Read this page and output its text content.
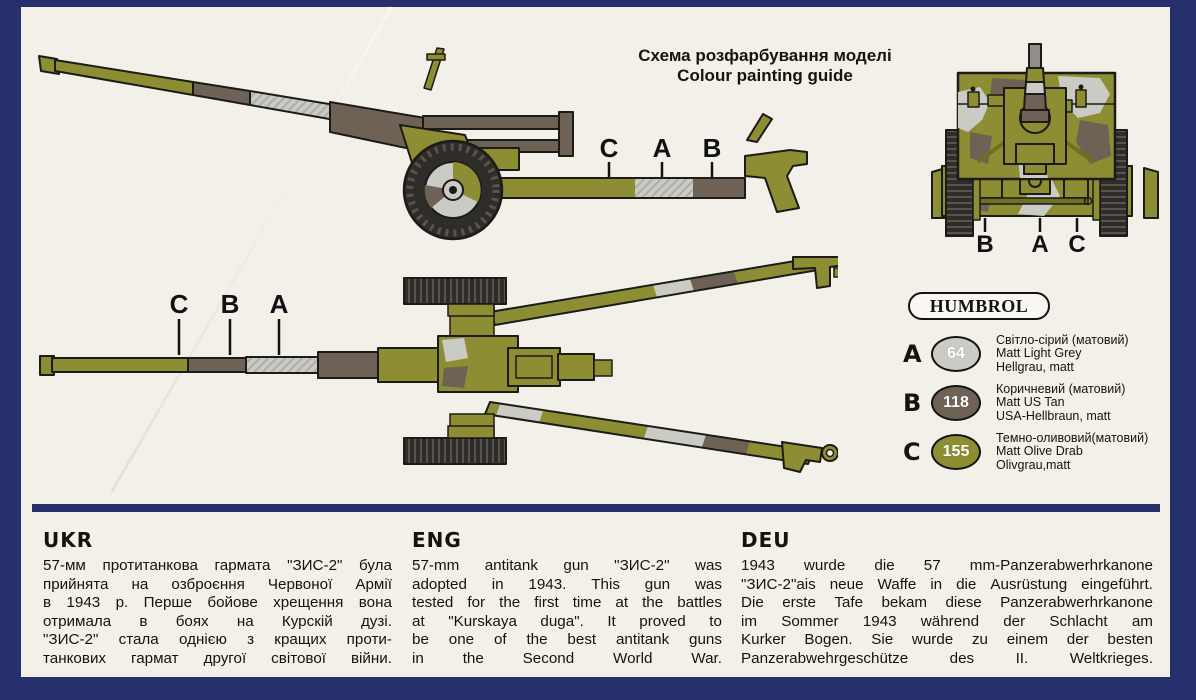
C A B
Схема розфарбування моделі
Colour painting guide
B A C
C B A	HUMBROL
A	64
Світло-сірий (матовий)
Matt Light Grey
Hellgrau, matt
B	118
Коричневий (матовий)
Matt US Tan
USA-Hellbraun, matt
C	155
Темно-оливовий(матовий)
Matt Olive Drab
Olivgrau,matt
UKR
57-мм протитанкова гармата "ЗИС-2" була
прийнята на озброєння Червоної Армії
в 1943 р. Перше бойове хрещення вона
отримала в боях на Курскій дузі.
"ЗИС-2" стала однією з кращих проти-
танкових гармат другої світової війни.
ENG
57-mm antitank gun "ЗИС-2" was
adopted in 1943. This gun was
tested for the first time at the battles
at "Kurskaya duga". It proved to
be one of the best antitank guns
in	the	Second	World	War.
DEU
1943 wurde die 57 mm-Panzerabwerhrkanone
"ЗИС-2"ais neue Waffe in die Ausrüstung eingeführt.
Die erste Tafe bekam diese Panzerabwerhrkanone
im Sommer 1943 während der Schlacht am
Kurker Bogen. Sie wurde zu einem der besten
Panzerabwehrgeschütze	des	II.	Weltkrieges.
